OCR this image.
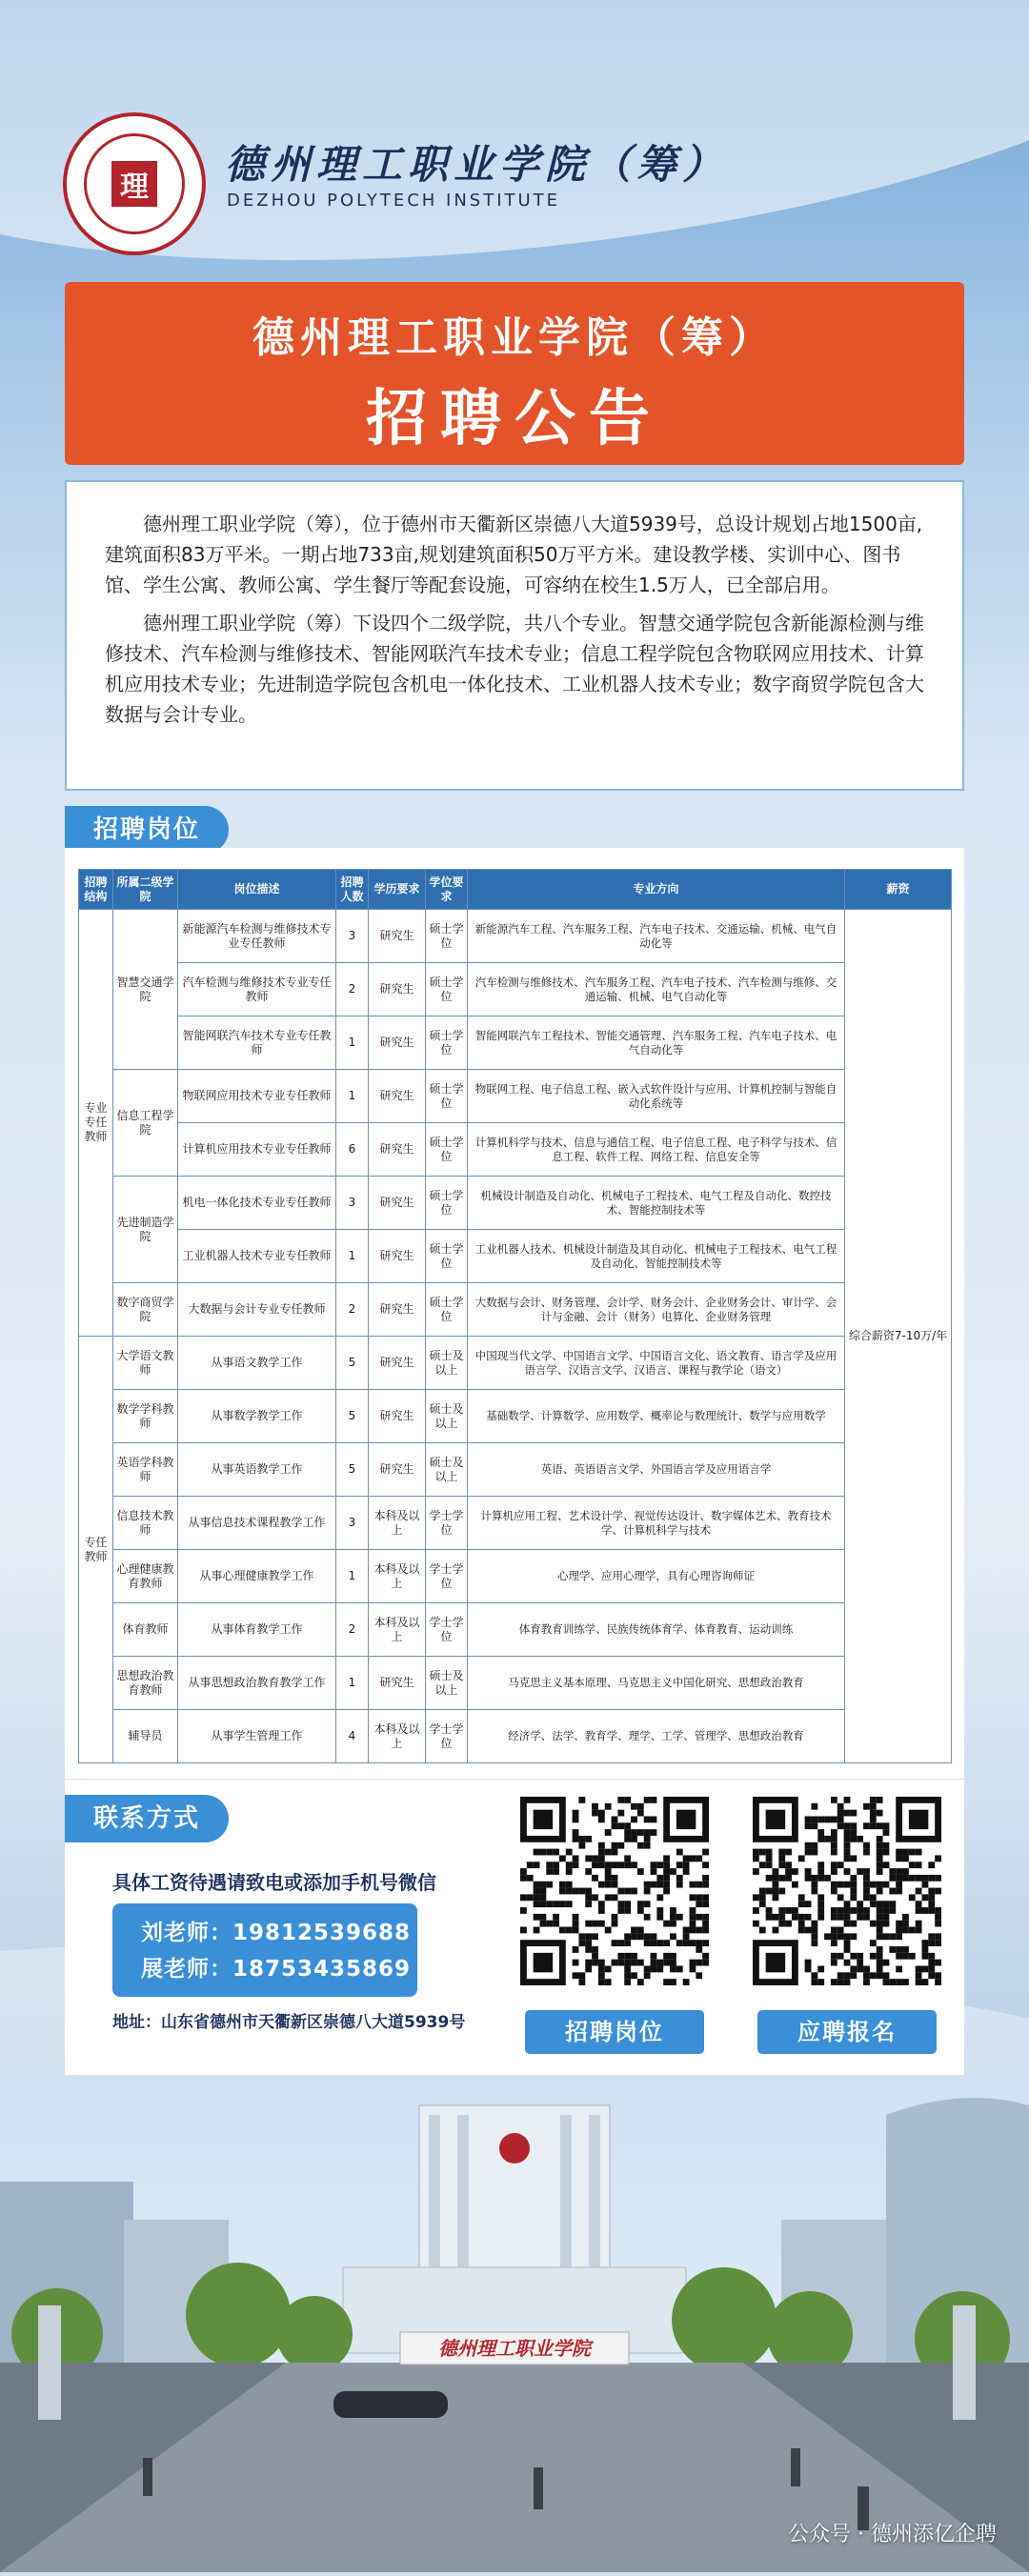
理 德州理工职业学院（筹）
DEZHOU POLYTECH INSTITUTE
德州理工职业学院（筹）
招聘公告

德州理工职业学院（筹），位于德州市天衢新区崇德八大道5939号，总设计规划占地1500亩,建筑面积83万平米。一期占地733亩,规划建筑面积50万平方米。建设教学楼、实训中心、图书馆、学生公寓、教师公寓、学生餐厅等配套设施，可容纳在校生1.5万人，已全部启用。

德州理工职业学院（筹）下设四个二级学院，共八个专业。智慧交通学院包含新能源检测与维修技术、汽车检测与维修技术、智能网联汽车技术专业；信息工程学院包含物联网应用技术、计算机应用技术专业；先进制造学院包含机电一体化技术、工业机器人技术专业；数字商贸学院包含大数据与会计专业。

招聘岗位
招聘结构	所属二级学院	岗位描述	招聘人数	学历要求	学位要求	专业方向	薪资
专业专任教师	智慧交通学院	新能源汽车检测与维修技术专业专任教师	3	研究生	硕士学位	新能源汽车工程、汽车服务工程、汽车电子技术、交通运输、机械、电气自动化等	综合薪资7-10万/年
		汽车检测与维修技术专业专任教师	2	研究生	硕士学位	汽车检测与维修技术、汽车服务工程、汽车电子技术、汽车检测与维修、交通运输、机械、电气自动化等	
		智能网联汽车技术专业专任教师	1	研究生	硕士学位	智能网联汽车工程技术、智能交通管理、汽车服务工程、汽车电子技术、电气自动化等	
	信息工程学院	物联网应用技术专业专任教师	1	研究生	硕士学位	物联网工程、电子信息工程、嵌入式软件设计与应用、计算机控制与智能自动化系统等	
		计算机应用技术专业专任教师	6	研究生	硕士学位	计算机科学与技术、信息与通信工程、电子信息工程、电子科学与技术、信息工程、软件工程、网络工程、信息安全等	
	先进制造学院	机电一体化技术专业专任教师	3	研究生	硕士学位	机械设计制造及自动化、机械电子工程技术、电气工程及自动化、数控技术、智能控制技术等	
		工业机器人技术专业专任教师	1	研究生	硕士学位	工业机器人技术、机械设计制造及其自动化、机械电子工程技术、电气工程及自动化、智能控制技术等	
	数字商贸学院	大数据与会计专业专任教师	2	研究生	硕士学位	大数据与会计、财务管理、会计学、财务会计、企业财务会计、审计学、会计与金融、会计（财务）电算化、企业财务管理	
专任教师	大学语文教师	从事语文教学工作	5	研究生	硕士及以上	中国现当代文学、中国语言文学、中国语言文化、语文教育、语言学及应用语言学、汉语言文学、汉语言、课程与教学论（语文）	
	数学学科教师	从事数学教学工作	5	研究生	硕士及以上	基础数学、计算数学、应用数学、概率论与数理统计、数学与应用数学	
	英语学科教师	从事英语教学工作	5	研究生	硕士及以上	英语、英语语言文学、外国语言学及应用语言学	
	信息技术教师	从事信息技术课程教学工作	3	本科及以上	学士学位	计算机应用工程、艺术设计学、视觉传达设计、数字媒体艺术、教育技术学、计算机科学与技术	
	心理健康教育教师	从事心理健康教学工作	1	本科及以上	学士学位	心理学、应用心理学，具有心理咨询师证	
	体育教师	从事体育教学工作	2	本科及以上	学士学位	体育教育训练学、民族传统体育学、体育教育、运动训练	
	思想政治教育教师	从事思想政治教育教学工作	1	研究生	硕士及以上	马克思主义基本原理、马克思主义中国化研究、思想政治教育	
	辅导员	从事学生管理工作	4	本科及以上	学士学位	经济学、法学、教育学、理学、工学、管理学、思想政治教育	
具体工资待遇请致电或添加手机号微信
刘老师：19812539688
展老师：18753435869
地址：山东省德州市天衢新区崇德八大道5939号	招聘岗位	应聘报名
联系方式
德州理工职业学院
公众号 · 德州添亿企聘
